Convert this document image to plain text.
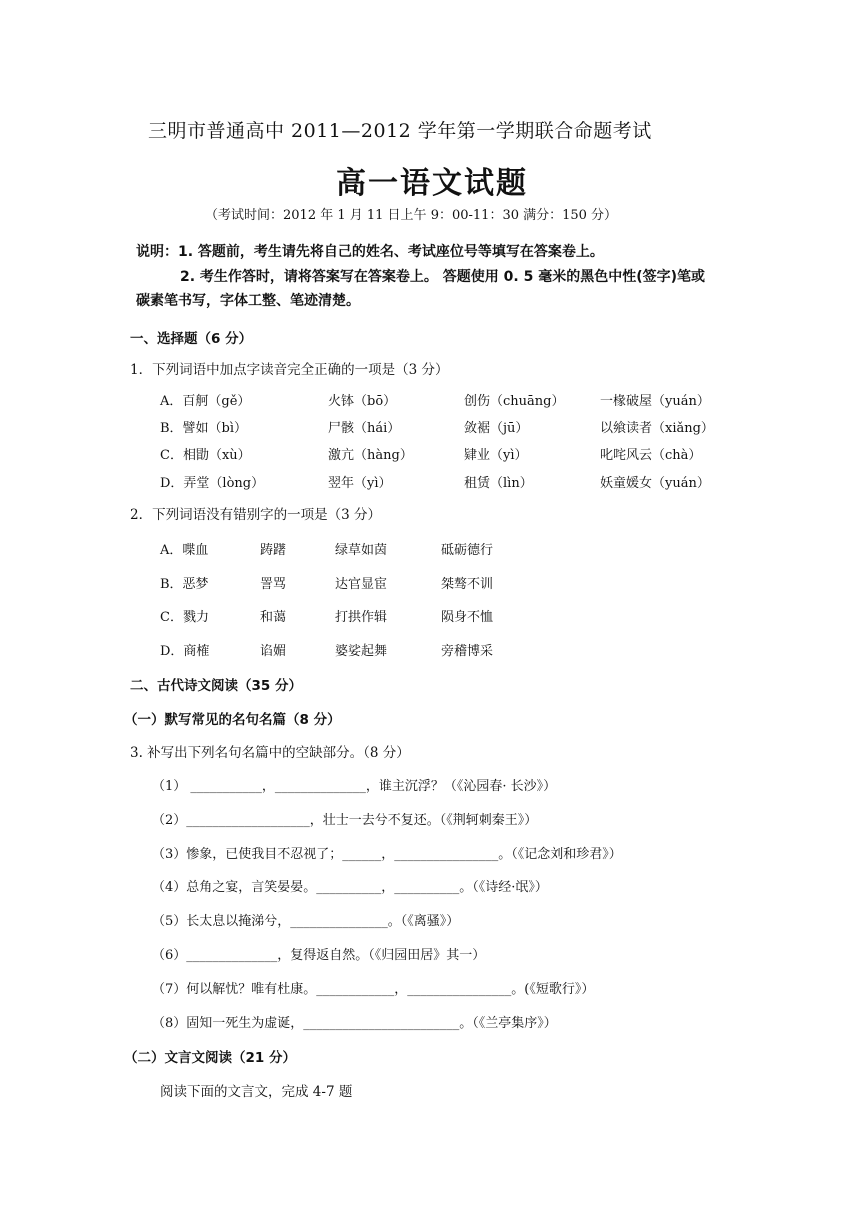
三明市普通高中 2011—2012 学年第一学期联合命题考试
高一语文试题
（考试时间：2012 年 1 月 11 日上午 9：00-11：30 满分：150 分）
说明：1. 答题前，考生请先将自己的姓名、考试座位号等填写在答案卷上。
2. 考生作答时，请将答案写在答案卷上。 答题使用 0. 5 毫米的黑色中性(签字)笔或
碳素笔书写，字体工整、笔迹清楚。
一、选择题（6 分）
1．下列词语中加点字读音完全正确的一项是（3 分）
A．百舸（gě）	火钵（bō）	创伤（chuāng）	一椽破屋（yuán）
B．譬如（bì）	尸骸（hái）	敛裾（jū）	以飨读者（xiǎng）
C．相勖（xù）	激亢（hàng）	肄业（yì）	叱咤风云（chà）
D．弄堂（lòng）	翌年（yì）	租赁（lìn）	妖童媛女（yuán）
2．下列词语没有错别字的一项是（3 分）
A．喋血	踌躇	绿草如茵	砥砺德行
B．恶梦	詈骂	达官显宦	桀骜不训
C．戮力	和蔼	打拱作辑	陨身不恤
D．商榷	谄媚	婆娑起舞	旁稽博采
二、古代诗文阅读（35 分）
（一）默写常见的名句名篇（8 分）
3. 补写出下列名句名篇中的空缺部分。（8 分）
（1） ___________，______________，谁主沉浮？（《沁园春· 长沙》）
（2）___________________，壮士一去兮不复还。（《荆轲刺秦王》）
（3）惨象，已使我目不忍视了；______，________________。（《记念刘和珍君》）
（4）总角之宴，言笑晏晏。__________，__________。（《诗经·氓》）
（5）长太息以掩涕兮，_______________。（《离骚》）
（6）______________，复得返自然。（《归园田居》其一）
（7）何以解忧？唯有杜康。____________，________________。(《短歌行》）
（8）固知一死生为虚诞，________________________。（《兰亭集序》）
（二）文言文阅读（21 分）
阅读下面的文言文，完成 4-7 题
